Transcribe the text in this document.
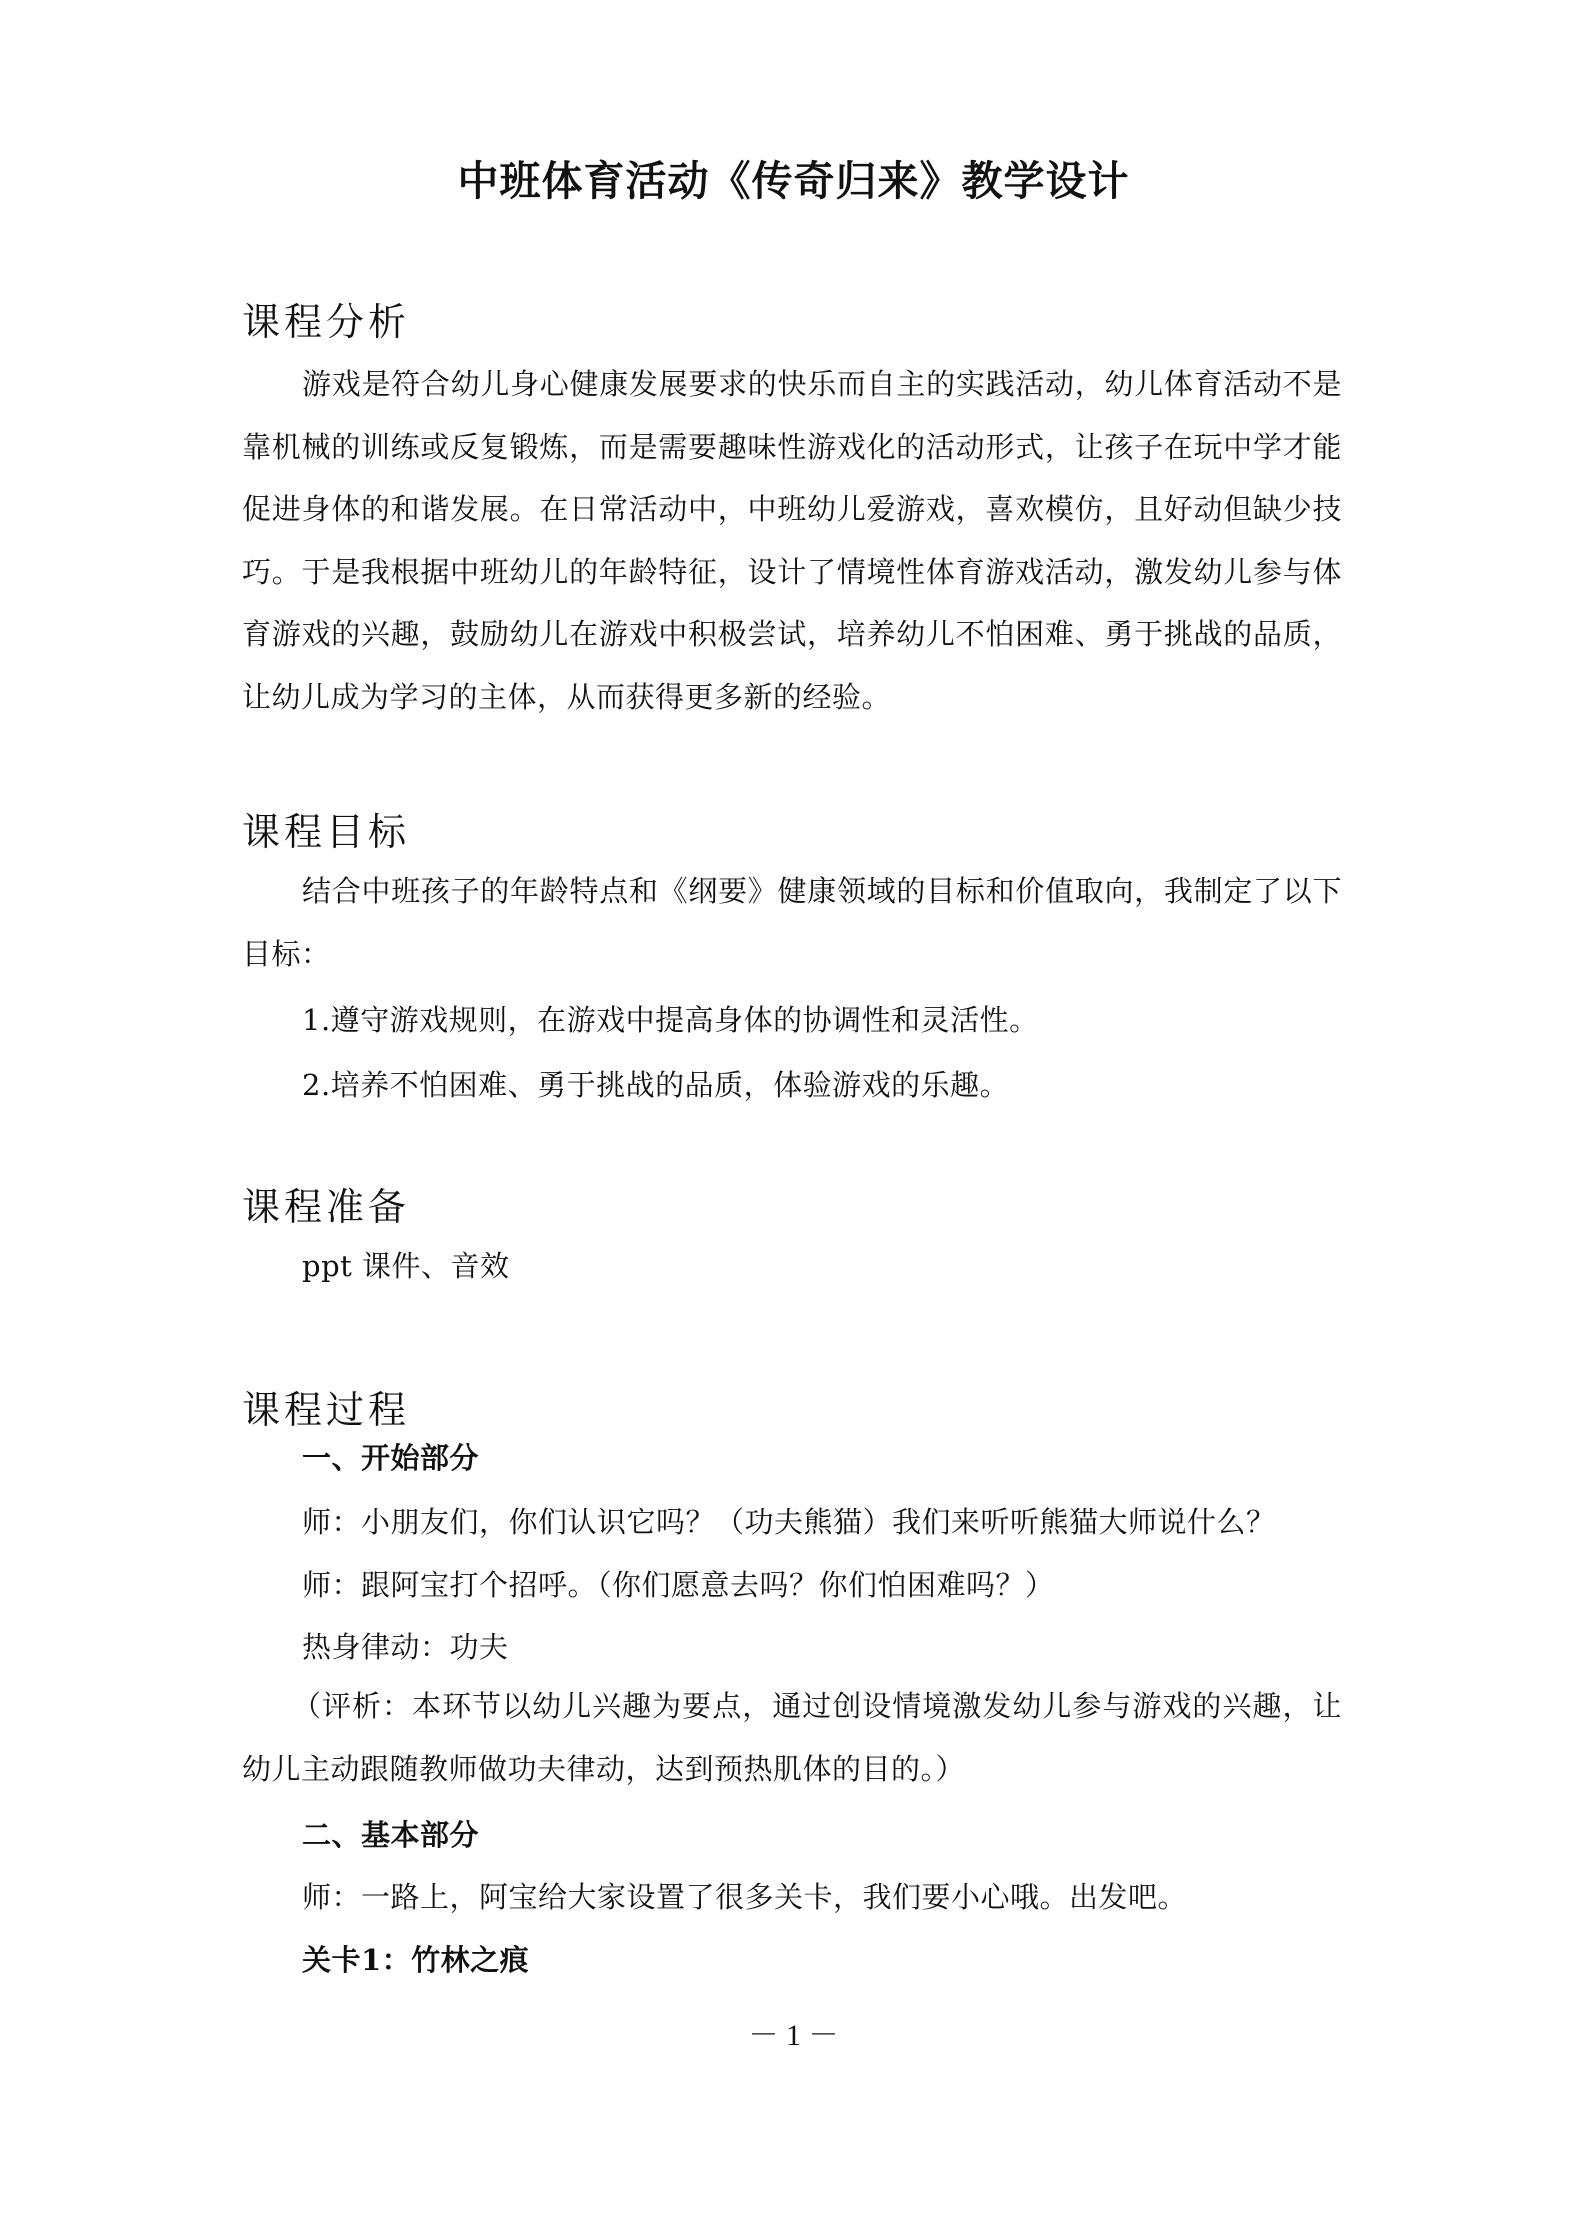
中班体育活动《传奇归来》教学设计
课程分析
游戏是符合幼儿身心健康发展要求的快乐而自主的实践活动，幼儿体育活动不是靠机械的训练或反复锻炼，而是需要趣味性游戏化的活动形式，让孩子在玩中学才能促进身体的和谐发展。在日常活动中，中班幼儿爱游戏，喜欢模仿，且好动但缺少技巧。于是我根据中班幼儿的年龄特征，设计了情境性体育游戏活动，激发幼儿参与体育游戏的兴趣，鼓励幼儿在游戏中积极尝试，培养幼儿不怕困难、勇于挑战的品质，让幼儿成为学习的主体，从而获得更多新的经验。
课程目标
结合中班孩子的年龄特点和《纲要》健康领域的目标和价值取向，我制定了以下目标：
1.遵守游戏规则，在游戏中提高身体的协调性和灵活性。
2.培养不怕困难、勇于挑战的品质，体验游戏的乐趣。
课程准备
ppt 课件、音效
课程过程
一、开始部分
师：小朋友们，你们认识它吗？（功夫熊猫）我们来听听熊猫大师说什么？
师：跟阿宝打个招呼。（你们愿意去吗？你们怕困难吗？）
热身律动：功夫
（评析：本环节以幼儿兴趣为要点，通过创设情境激发幼儿参与游戏的兴趣，让幼儿主动跟随教师做功夫律动，达到预热肌体的目的。）
二、基本部分
师：一路上，阿宝给大家设置了很多关卡，我们要小心哦。出发吧。
关卡1：竹林之痕
－ 1 －
